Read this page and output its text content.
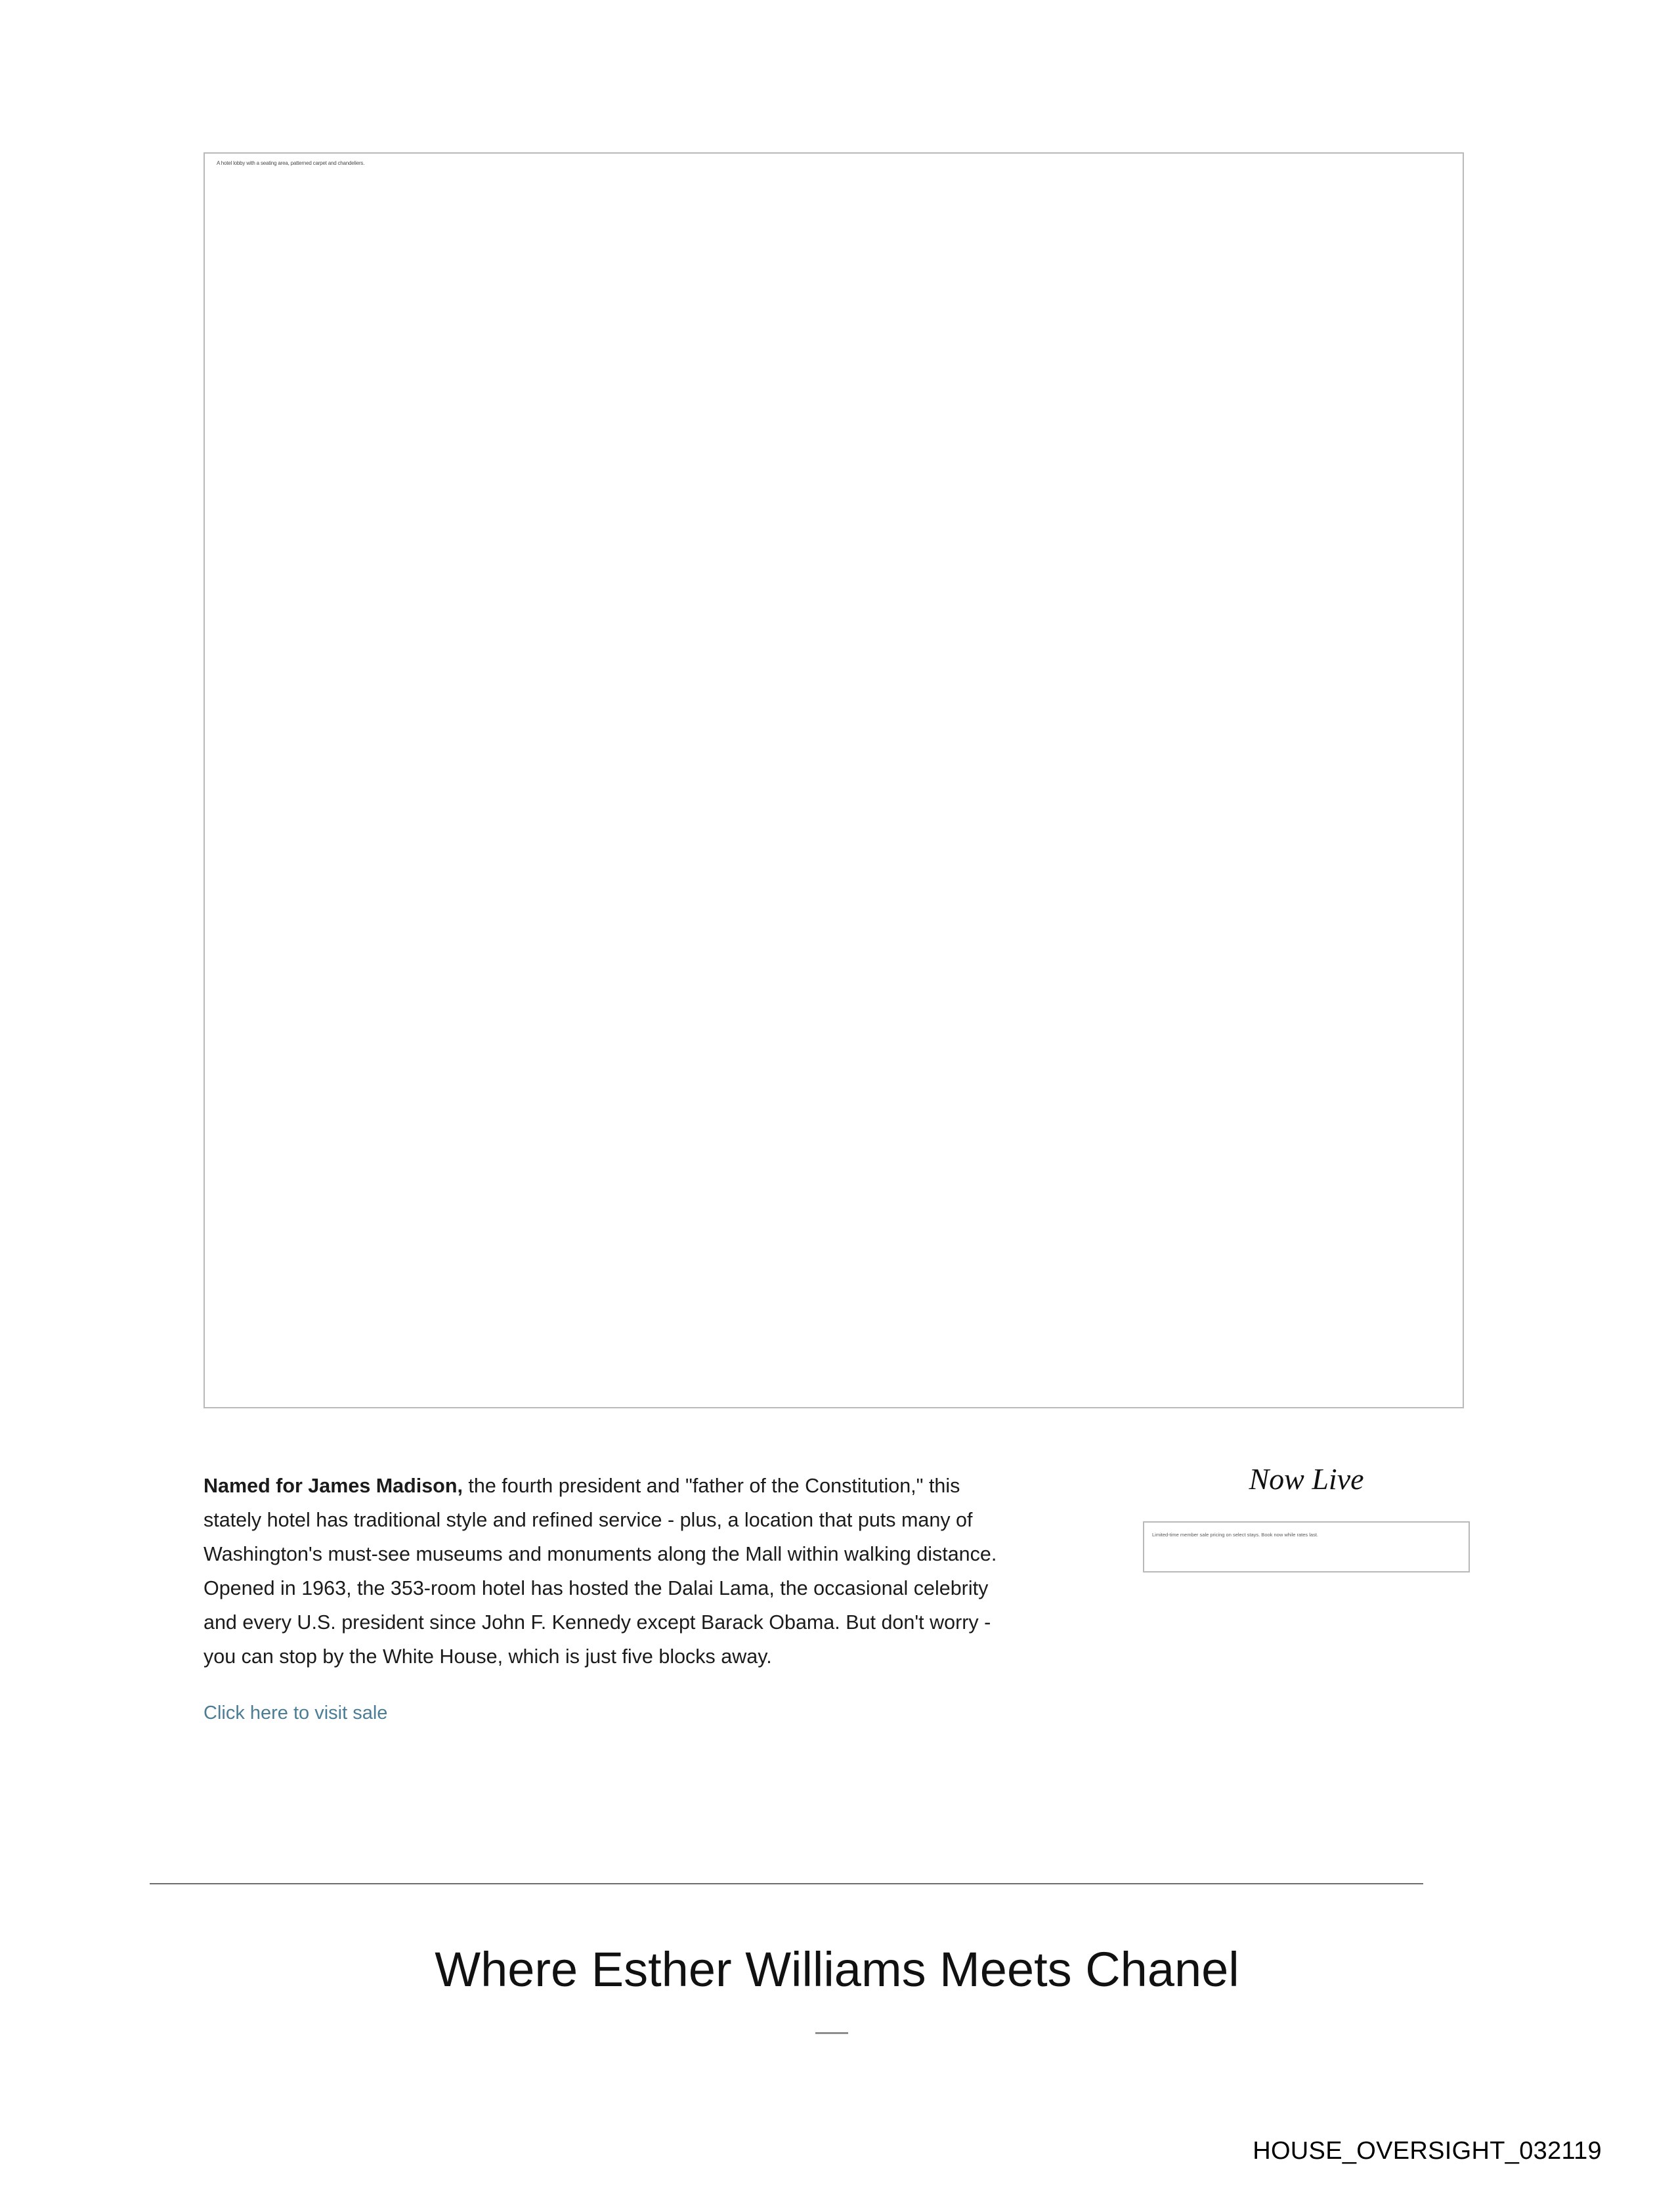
A hotel lobby with a seating area, patterned carpet and chandeliers.

Named for James Madison, the fourth president and "father of the Constitution," this stately hotel has traditional style and refined service - plus, a location that puts many of Washington's must-see museums and monuments along the Mall within walking distance. Opened in 1963, the 353-room hotel has hosted the Dalai Lama, the occasional celebrity and every U.S. president since John F. Kennedy except Barack Obama. But don't worry - you can stop by the White House, which is just five blocks away.

Click here to visit sale
Now Live
Limited-time member sale pricing on select stays. Book now while rates last.
Where Esther Williams Meets Chanel
HOUSE_OVERSIGHT_032119
